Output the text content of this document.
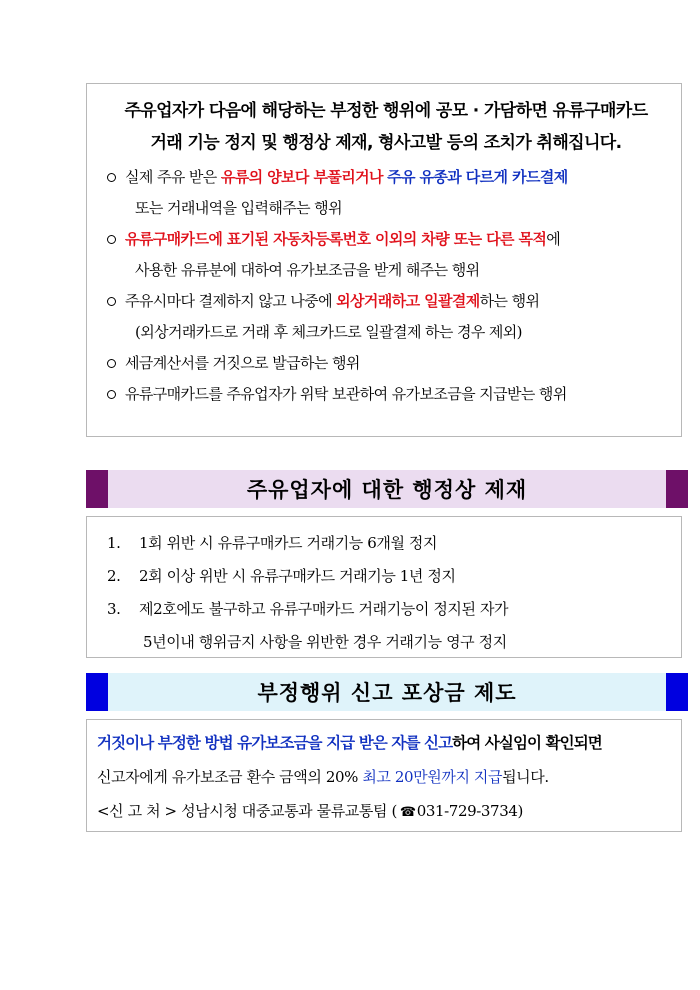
주유업자가 다음에 해당하는 부정한 행위에 공모 · 가담하면 유류구매카드
거래 기능 정지 및 행정상 제재, 형사고발 등의 조치가 취해집니다.
실제 주유 받은 유류의 양보다 부풀리거나 주유 유종과 다르게 카드결제
또는 거래내역을 입력해주는 행위
유류구매카드에 표기된 자동차등록번호 이외의 차량 또는 다른 목적에
사용한 유류분에 대하여 유가보조금을 받게 해주는 행위
주유시마다 결제하지 않고 나중에 외상거래하고 일괄결제하는 행위
(외상거래카드로 거래 후 체크카드로 일괄결제 하는 경우 제외)
세금계산서를 거짓으로 발급하는 행위
유류구매카드를 주유업자가 위탁 보관하여 유가보조금을 지급받는 행위
주유업자에 대한 행정상 제재
1. 1회 위반 시 유류구매카드 거래기능 6개월 정지
2. 2회 이상 위반 시 유류구매카드 거래기능 1년 정지
3. 제2호에도 불구하고 유류구매카드 거래기능이 정지된 자가
5년이내 행위금지 사항을 위반한 경우 거래기능 영구 정지
부정행위 신고 포상금 제도
거짓이나 부정한 방법 유가보조금을 지급 받은 자를 신고하여 사실임이 확인되면
신고자에게 유가보조금 환수 금액의 20% 최고 20만원까지 지급됩니다.
<신 고 처 > 성남시청 대중교통과 물류교통팀 ( ☎031-729-3734)
